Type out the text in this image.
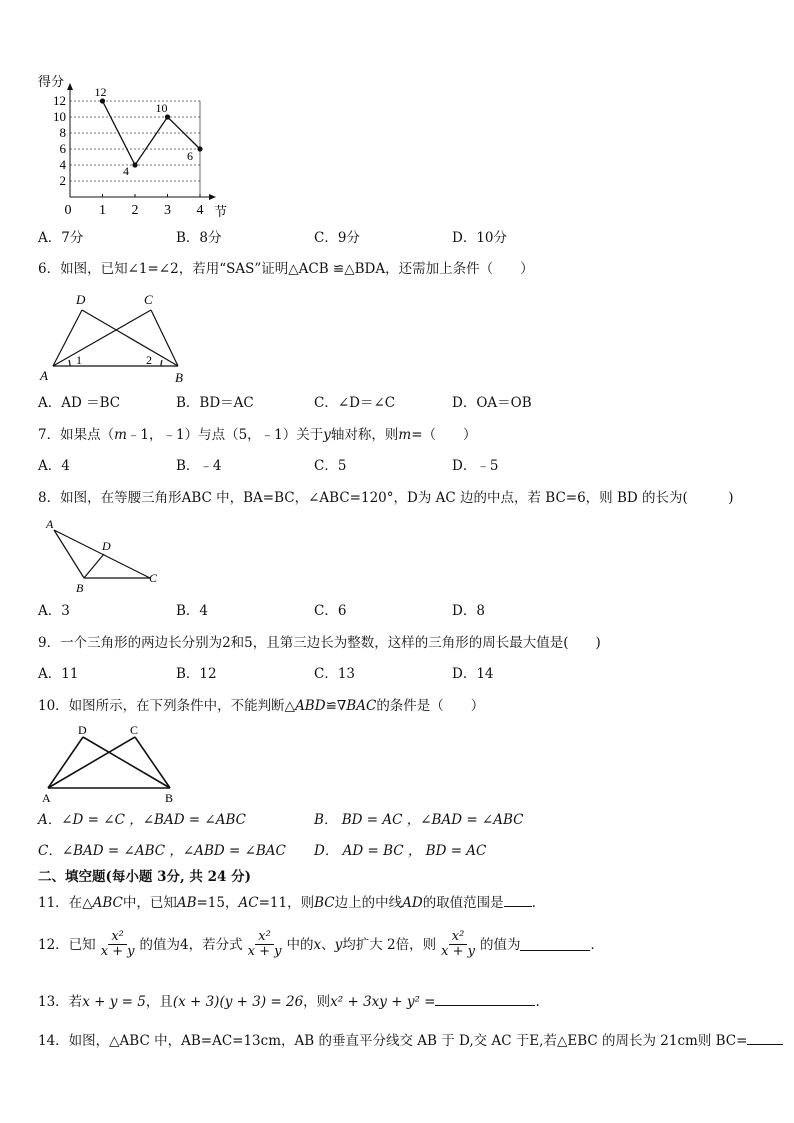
12
10
8
6
4
2
0 1 2 3 4
12
4
10
6
得分
节
A．7分	B．8分	C．9分	D．10分
6．如图，已知∠1=∠2，若用“SAS”证明△ACB ≌△BDA，还需加上条件（　　）
D	C
A	B
1	2
A．AD ＝BC	B．BD＝AC	C．∠D＝∠C	D．OA＝OB
7．如果点（m﹣1，﹣1）与点（5，﹣1）关于y轴对称，则m=（　　）
A．4	B．﹣4	C．5	D．﹣5
8．如图，在等腰三角形ABC 中，BA=BC，∠ABC=120°，D为 AC 边的中点，若 BC=6，则 BD 的长为(　　　)
A
D
B
C
A．3	B．4	C．6	D．8
9．一个三角形的两边长分别为2和5，且第三边长为整数，这样的三角形的周长最大值是(　　)
A．11	B．12	C．13	D．14
10．如图所示，在下列条件中，不能判断△ABD≌∇BAC的条件是（　　）
D	C
A	B
A．∠D = ∠C ，∠BAD = ∠ABC	B． BD = AC ，∠BAD = ∠ABC
C．∠BAD = ∠ABC ，∠ABD = ∠BAC D． AD = BC ， BD = AC
二、填空题(每小题 3分, 共 24 分)
11．在△ABC中，已知AB=15，AC=11，则BC边上的中线AD的取值范围是 ．
12．已知 $\frac{\text{x²}}{x + y}$ 的值为4，若分式 $\frac{\text{x²}}{x + y}$ 中的 x 、 y 均扩大 2倍，则 $\frac{\text{x²}}{x + y}$ 的值为	．
13．若x + y = 5，且(x + 3)(y + 3) = 26，则x² + 3xy + y² =	.
14．如图，△ABC 中，AB=AC=13cm，AB 的垂直平分线交 AB 于 D,交 AC 于E,若△EBC 的周长为 21cm则 BC=
